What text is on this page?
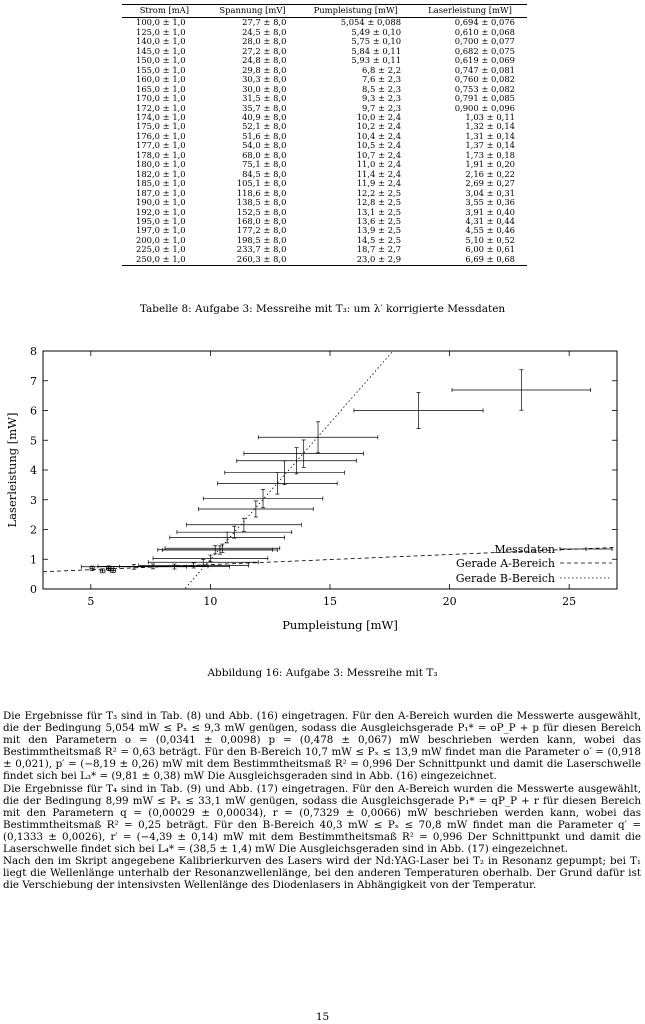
Strom [mA]	Spannung [mV]	Pumpleistung [mW]	Laserleistung [mW]
100,0 ± 1,0	27,7 ± 8,0	5,054 ± 0,088	0,694 ± 0,076
125,0 ± 1,0	24,5 ± 8,0	5,49 ± 0,10	0,610 ± 0,068
140,0 ± 1,0	28,0 ± 8,0	5,75 ± 0,10	0,700 ± 0,077
145,0 ± 1,0	27,2 ± 8,0	5,84 ± 0,11	0,682 ± 0,075
150,0 ± 1,0	24,8 ± 8,0	5,93 ± 0,11	0,619 ± 0,069
155,0 ± 1,0	29,8 ± 8,0	6,8 ± 2,2	0,747 ± 0,081
160,0 ± 1,0	30,3 ± 8,0	7,6 ± 2,3	0,760 ± 0,082
165,0 ± 1,0	30,0 ± 8,0	8,5 ± 2,3	0,753 ± 0,082
170,0 ± 1,0	31,5 ± 8,0	9,3 ± 2,3	0,791 ± 0,085
172,0 ± 1,0	35,7 ± 8,0	9,7 ± 2,3	0,900 ± 0,096
174,0 ± 1,0	40,9 ± 8,0	10,0 ± 2,4	1,03 ± 0,11
175,0 ± 1,0	52,1 ± 8,0	10,2 ± 2,4	1,32 ± 0,14
176,0 ± 1,0	51,6 ± 8,0	10,4 ± 2,4	1,31 ± 0,14
177,0 ± 1,0	54,0 ± 8,0	10,5 ± 2,4	1,37 ± 0,14
178,0 ± 1,0	68,0 ± 8,0	10,7 ± 2,4	1,73 ± 0,18
180,0 ± 1,0	75,1 ± 8,0	11,0 ± 2,4	1,91 ± 0,20
182,0 ± 1,0	84,5 ± 8,0	11,4 ± 2,4	2,16 ± 0,22
185,0 ± 1,0	105,1 ± 8,0	11,9 ± 2,4	2,69 ± 0,27
187,0 ± 1,0	118,6 ± 8,0	12,2 ± 2,5	3,04 ± 0,31
190,0 ± 1,0	138,5 ± 8,0	12,8 ± 2,5	3,55 ± 0,36
192,0 ± 1,0	152,5 ± 8,0	13,1 ± 2,5	3,91 ± 0,40
195,0 ± 1,0	168,0 ± 8,0	13,6 ± 2,5	4,31 ± 0,44
197,0 ± 1,0	177,2 ± 8,0	13,9 ± 2,5	4,55 ± 0,46
200,0 ± 1,0	198,5 ± 8,0	14,5 ± 2,5	5,10 ± 0,52
225,0 ± 1,0	233,7 ± 8,0	18,7 ± 2,7	6,00 ± 0,61
250,0 ± 1,0	260,3 ± 8,0	23,0 ± 2,9	6,69 ± 0,68
Tabelle 8: Aufgabe 3: Messreihe mit T₃: um λ′ korrigierte Messdaten
5	10	15	20	25
0
1
2
3
4
5
6
7
8
Pumpleistung [mW]
Laserleistung [mW]
Messdaten
Gerade A-Bereich
Gerade B-Bereich
Abbildung 16: Aufgabe 3: Messreihe mit T₃

Die Ergebnisse für T₃ sind in Tab. (8) und Abb. (16) eingetragen. Für den A-Bereich wurden die Messwerte ausgewählt, die der Bedingung 5,054 mW ≤ Pₓ ≤ 9,3 mW genügen, sodass die Ausgleichsgerade P₁* = oP_P + p für diesen Bereich mit den Parametern o = (0,0341 ± 0,0098) p = (0,478 ± 0,067) mW beschrieben werden kann, wobei das Bestimmtheitsmaß R² = 0,63 beträgt. Für den B-Bereich 10,7 mW ≤ Pₓ ≤ 13,9 mW findet man die Parameter o′ = (0,918 ± 0,021), p′ = (−8,19 ± 0,26) mW mit dem Bestimmtheitsmaß R² = 0,996 Der Schnittpunkt und damit die Laserschwelle findet sich bei L₃* = (9,81 ± 0,38) mW Die Ausgleichsgeraden sind in Abb. (16) eingezeichnet.

Die Ergebnisse für T₄ sind in Tab. (9) und Abb. (17) eingetragen. Für den A-Bereich wurden die Messwerte ausgewählt, die der Bedingung 8,99 mW ≤ Pₓ ≤ 33,1 mW genügen, sodass die Ausgleichsgerade P₁* = qP_P + r für diesen Bereich mit den Parametern q = (0,00029 ± 0,00034), r = (0,7329 ± 0,0066) mW beschrieben werden kann, wobei das Bestimmtheitsmaß R² = 0,25 beträgt. Für den B-Bereich 40,3 mW ≤ Pₓ ≤ 70,8 mW findet man die Parameter q′ = (0,1333 ± 0,0026), r′ = (−4,39 ± 0,14) mW mit dem Bestimmtheitsmaß R² = 0,996 Der Schnittpunkt und damit die Laserschwelle findet sich bei L₄* = (38,5 ± 1,4) mW Die Ausgleichsgeraden sind in Abb. (17) eingezeichnet.

Nach den im Skript angegebene Kalibrierkurven des Lasers wird der Nd:YAG-Laser bei T₂ in Resonanz gepumpt; bei T₁ liegt die Wellenlänge unterhalb der Resonanzwellenlänge, bei den anderen Temperaturen oberhalb. Der Grund dafür ist die Verschiebung der intensivsten Wellenlänge des Diodenlasers in Abhängigkeit von der Temperatur.

15
